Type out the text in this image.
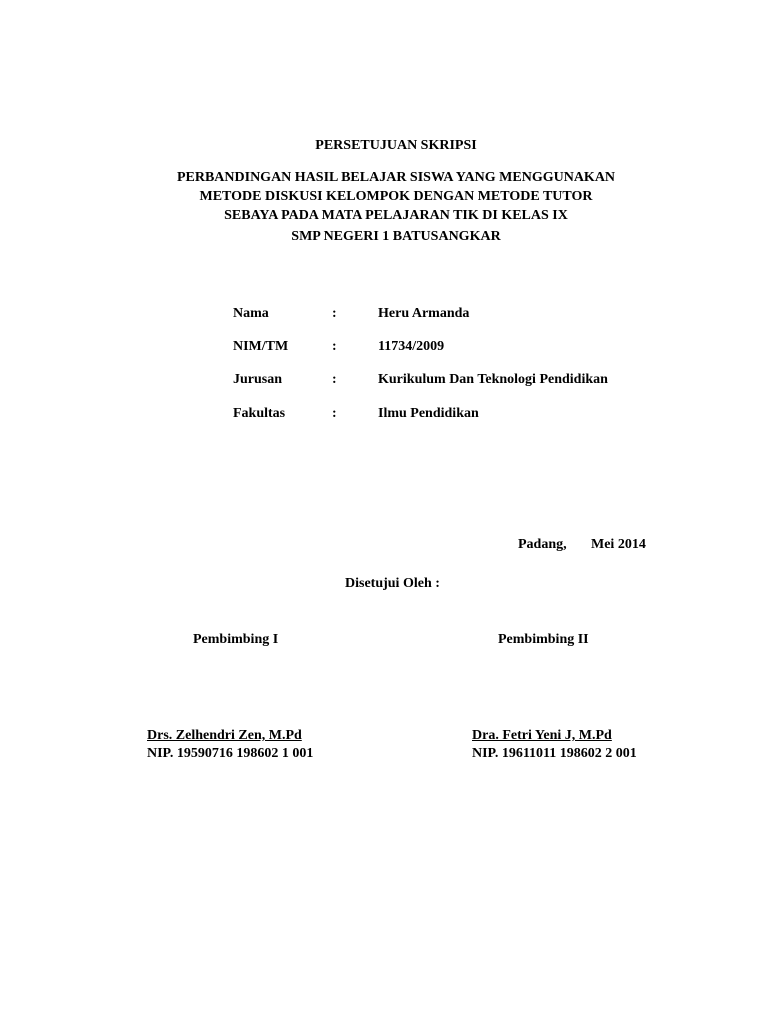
PERSETUJUAN SKRIPSI
PERBANDINGAN HASIL BELAJAR SISWA YANG MENGGUNAKAN
METODE DISKUSI KELOMPOK DENGAN METODE TUTOR
SEBAYA PADA MATA PELAJARAN TIK DI KELAS IX
SMP NEGERI 1 BATUSANGKAR
Nama	:	Heru Armanda
NIM/TM	:	11734/2009
Jurusan	:	Kurikulum Dan Teknologi Pendidikan
Fakultas	:	Ilmu Pendidikan
Padang, Mei 2014
Disetujui Oleh :
Pembimbing I
Drs. Zelhendri Zen, M.Pd
NIP. 19590716 198602 1 001
Pembimbing II
Dra. Fetri Yeni J, M.Pd
NIP. 19611011 198602 2 001
